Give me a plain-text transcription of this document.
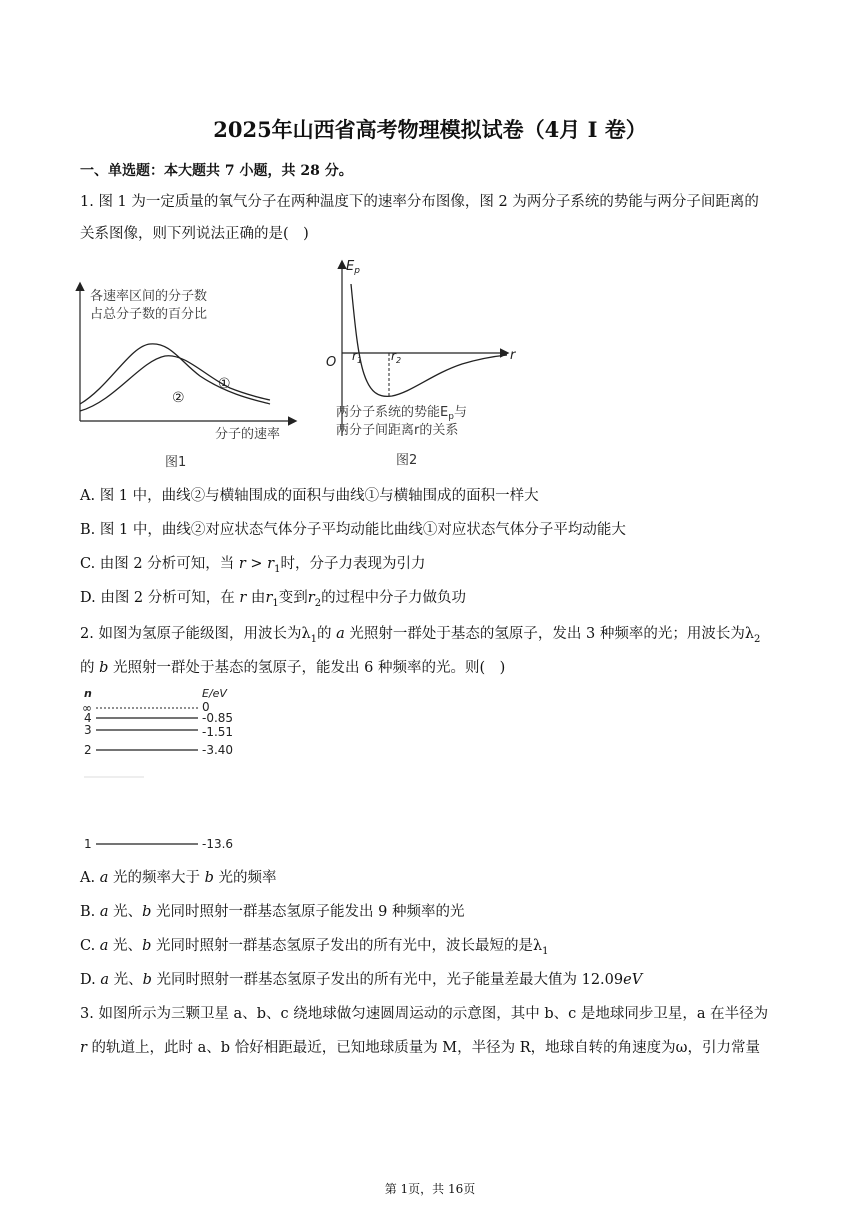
2025年山西省高考物理模拟试卷（4月 I 卷）
一、单选题：本大题共 7 小题，共 28 分。
1. 图 1 为一定质量的氧气分子在两种温度下的速率分布图像，图 2 为两分子系统的势能与两分子间距离的
关系图像，则下列说法正确的是(　)
各速率区间的分子数
占总分子数的百分比
①
②
分子的速率
图1
$E_p$
O	r
$r_1$ $r_2$
两分子系统的势能$E_p$与
两分子间距离r的关系
图2
A. 图 1 中，曲线②与横轴围成的面积与曲线①与横轴围成的面积一样大
B. 图 1 中，曲线②对应状态气体分子平均动能比曲线①对应状态气体分子平均动能大
C. 由图 2 分析可知，当 $r > r_1$时，分子力表现为引力
D. 由图 2 分析可知，在 r 由$r_1$变到$r_2$的过程中分子力做负功
2. 如图为氢原子能级图，用波长为$\lambda_1$的 a 光照射一群处于基态的氢原子，发出 3 种频率的光；用波长为$\lambda_2$
的 b 光照射一群处于基态的氢原子，能发出 6 种频率的光。则(　)
n	E/eV
∞	0
4	-0.85
3	-1.51
2	-3.40
1	-13.6
A. a 光的频率大于 b 光的频率
B. a 光、b 光同时照射一群基态氢原子能发出 9 种频率的光
C. a 光、b 光同时照射一群基态氢原子发出的所有光中，波长最短的是$\lambda_1$
D. a 光、b 光同时照射一群基态氢原子发出的所有光中，光子能量差最大值为 12.09eV
3. 如图所示为三颗卫星 a、b、c 绕地球做匀速圆周运动的示意图，其中 b、c 是地球同步卫星，a 在半径为
r 的轨道上，此时 a、b 恰好相距最近，已知地球质量为 M，半径为 R，地球自转的角速度为ω，引力常量
第 1页，共 16页
